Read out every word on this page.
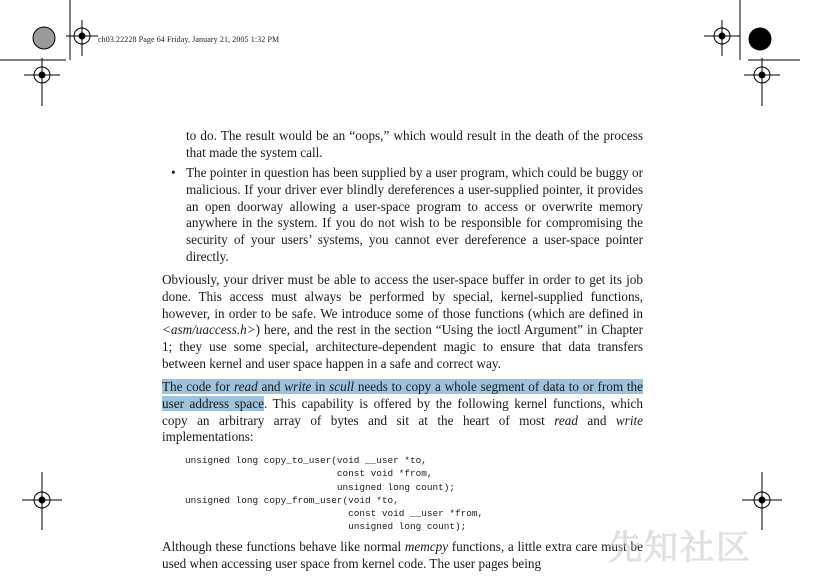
ch03.22228 Page 64 Friday, January 21, 2005 1:32 PM

to do. The result would be an “oops,” which would result in the death of the process that made the system call.

• The pointer in question has been supplied by a user program, which could be buggy or malicious. If your driver ever blindly dereferences a user-supplied pointer, it provides an open doorway allowing a user-space program to access or overwrite memory anywhere in the system. If you do not wish to be responsible for compromising the security of your users’ systems, you cannot ever dereference a user-space pointer directly.

Obviously, your driver must be able to access the user-space buffer in order to get its job done. This access must always be performed by special, kernel-supplied functions, however, in order to be safe. We introduce some of those functions (which are defined in <asm/uaccess.h>) here, and the rest in the section “Using the ioctl Argument” in Chapter 1; they use some special, architecture-dependent magic to ensure that data transfers between kernel and user space happen in a safe and correct way.

The code for read and write in scull needs to copy a whole segment of data to or from the user address space. This capability is offered by the following kernel functions, which copy an arbitrary array of bytes and sit at the heart of most read and write implementations:

unsigned long copy_to_user(void __user *to,
const void *from,
unsigned long count);
unsigned long copy_from_user(void *to,
const void __user *from,
unsigned long count);

Although these functions behave like normal memcpy functions, a little extra care must be used when accessing user space from kernel code. The user pages being	先知社区
